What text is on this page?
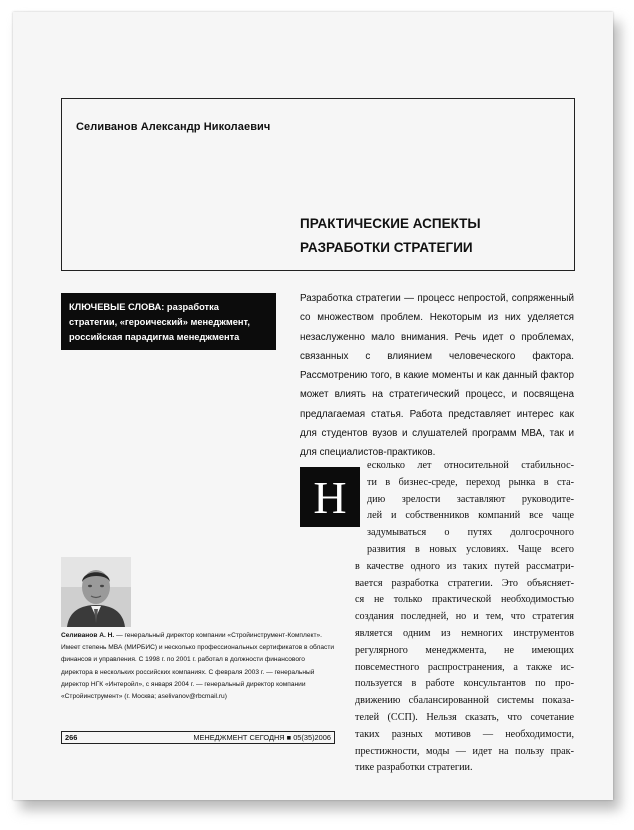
Селиванов Александр Николаевич
ПРАКТИЧЕСКИЕ АСПЕКТЫ
РАЗРАБОТКИ СТРАТЕГИИ
КЛЮЧЕВЫЕ СЛОВА: разработка стратегии, «героический» менеджмент, российская парадигма менеджмента
Разработка стратегии — процесс непростой, сопряженный со множеством проблем. Некоторым из них уделяется незаслуженно мало внимания. Речь идет о проблемах, связанных с влиянием человеческого фактора. Рассмотрению того, в какие моменты и как данный фактор может влиять на стратегический процесс, и посвящена предлагаемая статья. Работа представляет интерес как для студентов вузов и слушателей программ МВА, так и для специалистов-практиков.
Н
есколько лет относительной стабильнос-
ти в бизнес-среде, переход рынка в ста-
дию зрелости заставляют руководите-
лей и собственников компаний все чаще
задумываться о путях долгосрочного
развития в новых условиях. Чаще всего
в качестве одного из таких путей рассматри-
вается разработка стратегии. Это объясняет-
ся не только практической необходимостью
создания последней, но и тем, что стратегия
является одним из немногих инструментов
регулярного менеджмента, не имеющих
повсеместного распространения, а также ис-
пользуется в работе консультантов по про-
движению сбалансированной системы показа-
телей (ССП). Нельзя сказать, что сочетание
таких разных мотивов — необходимости,
престижности, моды — идет на пользу прак-
тике разработки стратегии.
Селиванов А. Н. — генеральный директор компании «Стройинструмент-Комплект». Имеет степень МВА (МИРБИС) и несколько профессиональных сертификатов в области финансов и управления. С 1998 г. по 2001 г. работал в должности финансового директора в нескольких российских компаниях. С февраля 2003 г. — генеральный директор НГК «Интеройл», с января 2004 г. — генеральный директор компании «Стройинструмент» (г. Москва; aselivanov@rbcmail.ru)
266	МЕНЕДЖМЕНТ СЕГОДНЯ ■ 05(35)2006
